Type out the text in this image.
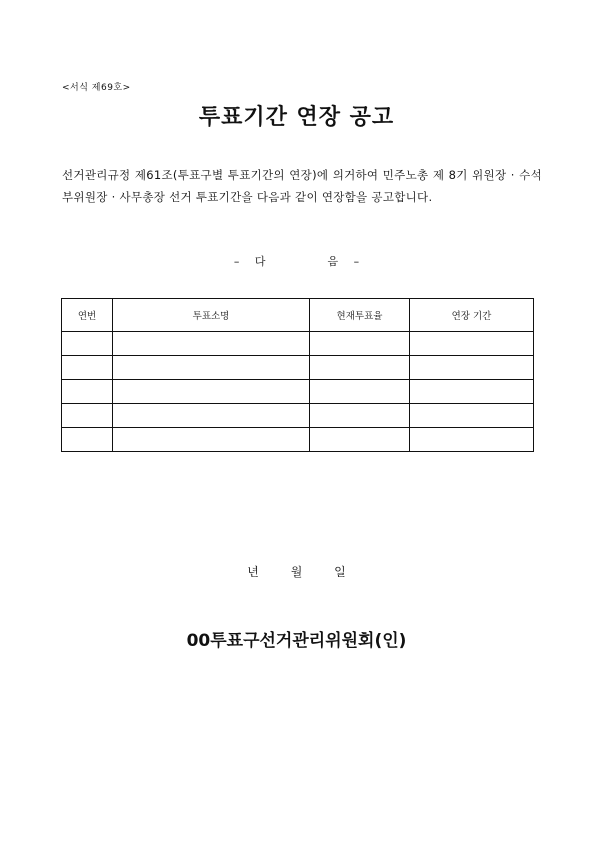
<서식 제69호>
투표기간 연장 공고

선거관리규정 제61조(투표구별 투표기간의 연장)에 의거하여 민주노총 제 8기 위원장 · 수석부위원장 · 사무총장 선거 투표기간을 다음과 같이 연장함을 공고합니다.

– 다    음 –
연번	투표소명	현재투표율	연장 기간

년	월	일
00투표구선거관리위원회(인)
